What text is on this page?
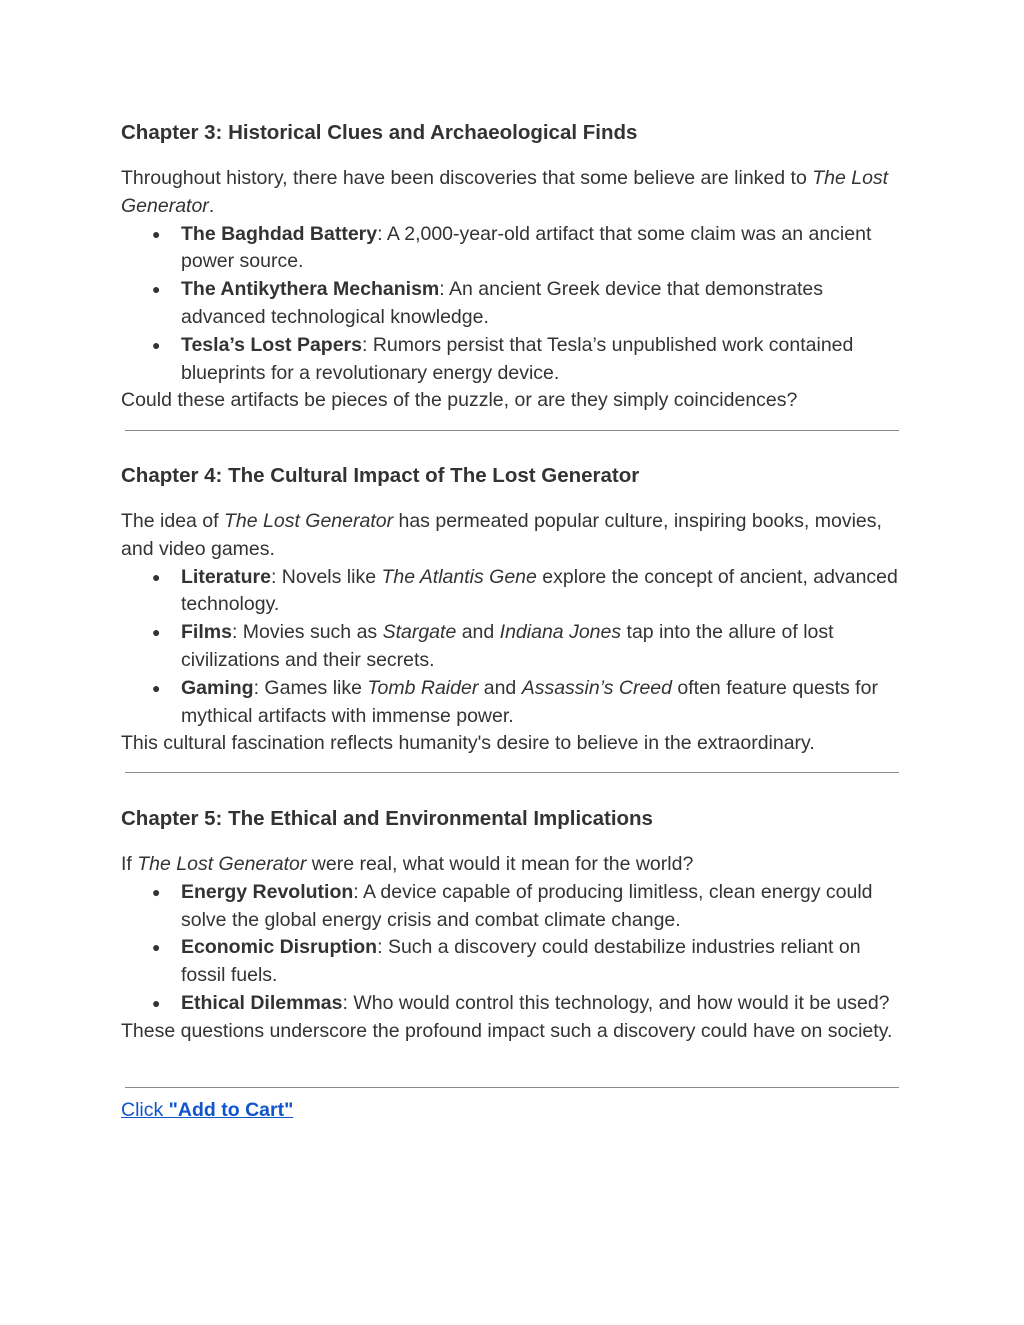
Chapter 3: Historical Clues and Archaeological Finds

Throughout history, there have been discoveries that some believe are linked to The Lost Generator.

● The Baghdad Battery: A 2,000-year-old artifact that some claim was an ancient power source.
● The Antikythera Mechanism: An ancient Greek device that demonstrates advanced technological knowledge.
● Tesla’s Lost Papers: Rumors persist that Tesla’s unpublished work contained blueprints for a revolutionary energy device.

Could these artifacts be pieces of the puzzle, or are they simply coincidences?

Chapter 4: The Cultural Impact of The Lost Generator

The idea of The Lost Generator has permeated popular culture, inspiring books, movies, and video games.

● Literature: Novels like The Atlantis Gene explore the concept of ancient, advanced technology.
● Films: Movies such as Stargate and Indiana Jones tap into the allure of lost civilizations and their secrets.
● Gaming: Games like Tomb Raider and Assassin’s Creed often feature quests for mythical artifacts with immense power.

This cultural fascination reflects humanity's desire to believe in the extraordinary.

Chapter 5: The Ethical and Environmental Implications

If The Lost Generator were real, what would it mean for the world?

● Energy Revolution: A device capable of producing limitless, clean energy could solve the global energy crisis and combat climate change.
● Economic Disruption: Such a discovery could destabilize industries reliant on fossil fuels.
● Ethical Dilemmas: Who would control this technology, and how would it be used?

These questions underscore the profound impact such a discovery could have on society.

Click "Add to Cart"
